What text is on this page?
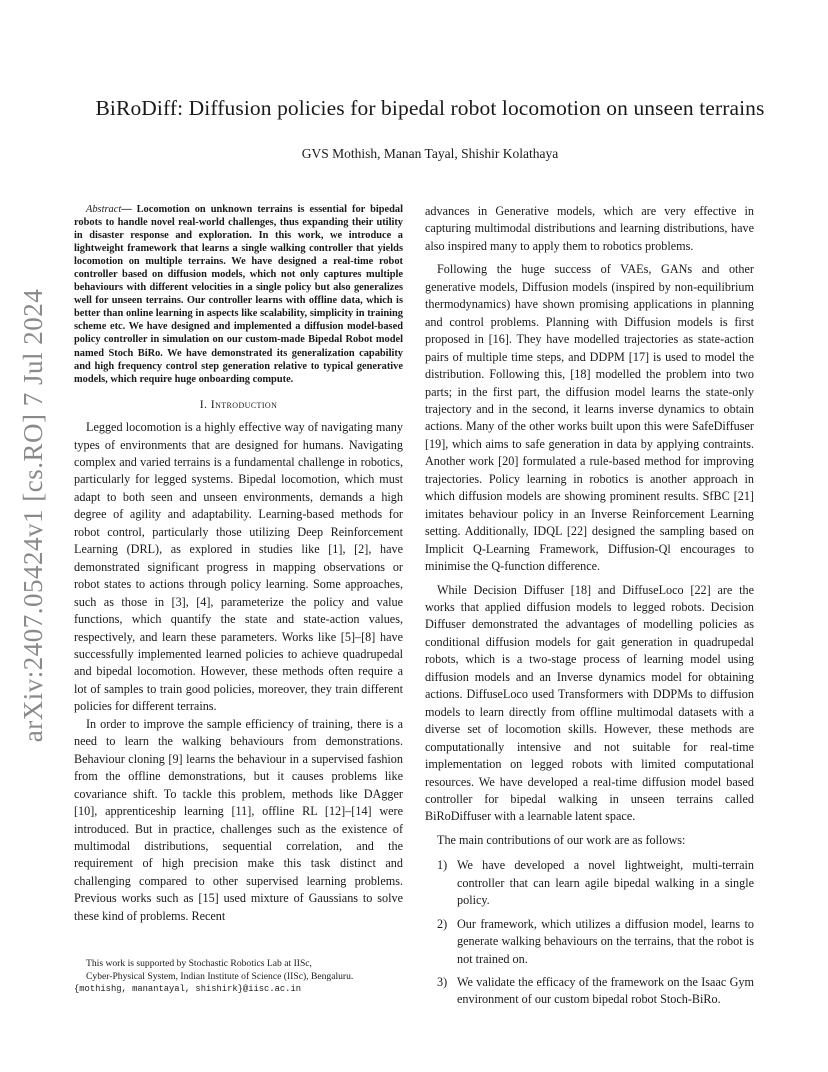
arXiv:2407.05424v1 [cs.RO] 7 Jul 2024
BiRoDiff: Diffusion policies for bipedal robot locomotion on unseen terrains
GVS Mothish, Manan Tayal, Shishir Kolathaya

Abstract— Locomotion on unknown terrains is essential for bipedal robots to handle novel real-world challenges, thus expanding their utility in disaster response and exploration. In this work, we introduce a lightweight framework that learns a single walking controller that yields locomotion on multiple terrains. We have designed a real-time robot controller based on diffusion models, which not only captures multiple behaviours with different velocities in a single policy but also generalizes well for unseen terrains. Our controller learns with offline data, which is better than online learning in aspects like scalability, simplicity in training scheme etc. We have designed and implemented a diffusion model-based policy controller in simulation on our custom-made Bipedal Robot model named Stoch BiRo. We have demonstrated its generalization capability and high frequency control step generation relative to typical generative models, which require huge onboarding compute.

I. Introduction

Legged locomotion is a highly effective way of navigating many types of environments that are designed for humans. Navigating complex and varied terrains is a fundamental challenge in robotics, particularly for legged systems. Bipedal locomotion, which must adapt to both seen and unseen environments, demands a high degree of agility and adaptability. Learning-based methods for robot control, particularly those utilizing Deep Reinforcement Learning (DRL), as explored in studies like [1], [2], have demonstrated significant progress in mapping observations or robot states to actions through policy learning. Some approaches, such as those in [3], [4], parameterize the policy and value functions, which quantify the state and state-action values, respectively, and learn these parameters. Works like [5]–[8] have successfully implemented learned policies to achieve quadrupedal and bipedal locomotion. However, these methods often require a lot of samples to train good policies, moreover, they train different policies for different terrains.

In order to improve the sample efficiency of training, there is a need to learn the walking behaviours from demonstrations. Behaviour cloning [9] learns the behaviour in a supervised fashion from the offline demonstrations, but it causes problems like covariance shift. To tackle this problem, methods like DAgger [10], apprenticeship learning [11], offline RL [12]–[14] were introduced. But in practice, challenges such as the existence of multimodal distributions, sequential correlation, and the requirement of high precision make this task distinct and challenging compared to other supervised learning problems. Previous works such as [15] used mixture of Gaussians to solve these kind of problems. Recent

advances in Generative models, which are very effective in capturing multimodal distributions and learning distributions, have also inspired many to apply them to robotics problems.

Following the huge success of VAEs, GANs and other generative models, Diffusion models (inspired by non-equilibrium thermodynamics) have shown promising applications in planning and control problems. Planning with Diffusion models is first proposed in [16]. They have modelled trajectories as state-action pairs of multiple time steps, and DDPM [17] is used to model the distribution. Following this, [18] modelled the problem into two parts; in the first part, the diffusion model learns the state-only trajectory and in the second, it learns inverse dynamics to obtain actions. Many of the other works built upon this were SafeDiffuser [19], which aims to safe generation in data by applying contraints. Another work [20] formulated a rule-based method for improving trajectories. Policy learning in robotics is another approach in which diffusion models are showing prominent results. SfBC [21] imitates behaviour policy in an Inverse Reinforcement Learning setting. Additionally, IDQL [22] designed the sampling based on Implicit Q-Learning Framework, Diffusion-Ql encourages to minimise the Q-function difference.

While Decision Diffuser [18] and DiffuseLoco [22] are the works that applied diffusion models to legged robots. Decision Diffuser demonstrated the advantages of modelling policies as conditional diffusion models for gait generation in quadrupedal robots, which is a two-stage process of learning model using diffusion models and an Inverse dynamics model for obtaining actions. DiffuseLoco used Transformers with DDPMs to diffusion models to learn directly from offline multimodal datasets with a diverse set of locomotion skills. However, these methods are computationally intensive and not suitable for real-time implementation on legged robots with limited computational resources. We have developed a real-time diffusion model based controller for bipedal walking in unseen terrains called BiRoDiffuser with a learnable latent space.

The main contributions of our work are as follows:

1) We have developed a novel lightweight, multi-terrain controller that can learn agile bipedal walking in a single policy.
2) Our framework, which utilizes a diffusion model, learns to generate walking behaviours on the terrains, that the robot is not trained on.
3) We validate the efficacy of the framework on the Isaac Gym environment of our custom bipedal robot Stoch-BiRo.

This work is supported by Stochastic Robotics Lab at IISc,

Cyber-Physical System, Indian Institute of Science (IISc), Bengaluru.

{mothishg, manantayal, shishirk}@iisc.ac.in
